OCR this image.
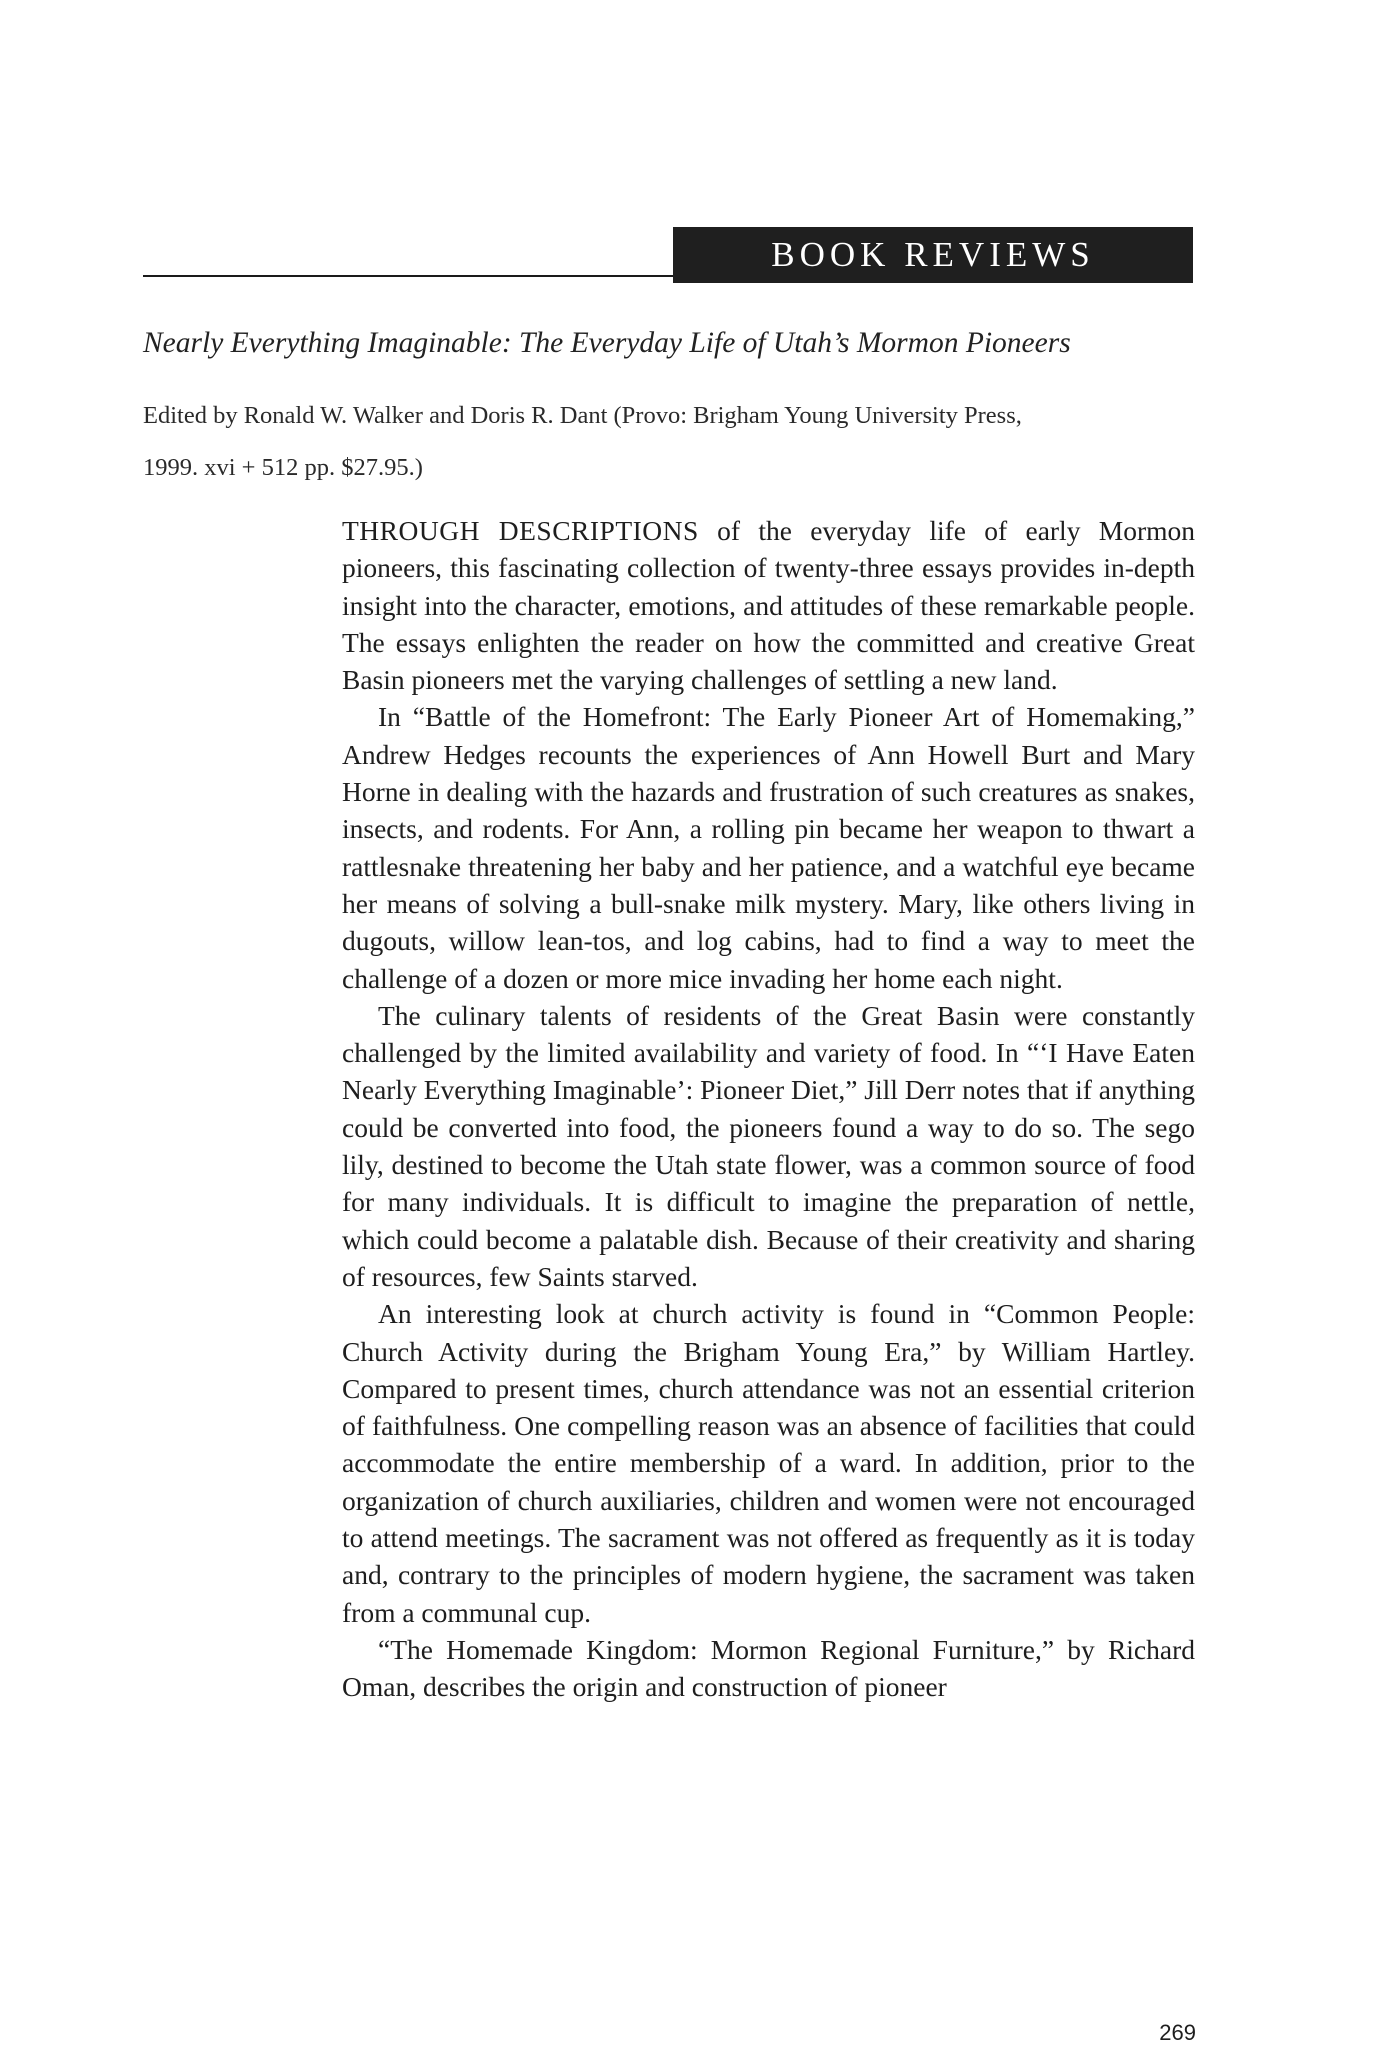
BOOK REVIEWS
Nearly Everything Imaginable: The Everyday Life of Utah’s Mormon Pioneers
Edited by Ronald W. Walker and Doris R. Dant (Provo: Brigham Young University Press,
1999. xvi + 512 pp. $27.95.)

THROUGH DESCRIPTIONS of the everyday life of early Mormon pioneers, this fascinating collection of twenty-three essays provides in-depth insight into the character, emotions, and attitudes of these remarkable people. The essays enlighten the reader on how the committed and creative Great Basin pioneers met the varying challenges of settling a new land.

In “Battle of the Homefront: The Early Pioneer Art of Homemaking,” Andrew Hedges recounts the experiences of Ann Howell Burt and Mary Horne in dealing with the hazards and frustration of such creatures as snakes, insects, and rodents. For Ann, a rolling pin became her weapon to thwart a rattlesnake threatening her baby and her patience, and a watchful eye became her means of solving a bull-snake milk mystery. Mary, like others living in dugouts, willow lean-tos, and log cabins, had to find a way to meet the challenge of a dozen or more mice invading her home each night.

The culinary talents of residents of the Great Basin were constantly challenged by the limited availability and variety of food. In “‘I Have Eaten Nearly Everything Imaginable’: Pioneer Diet,” Jill Derr notes that if anything could be converted into food, the pioneers found a way to do so. The sego lily, destined to become the Utah state flower, was a common source of food for many individuals. It is difficult to imagine the preparation of nettle, which could become a palatable dish. Because of their creativity and sharing of resources, few Saints starved.

An interesting look at church activity is found in “Common People: Church Activity during the Brigham Young Era,” by William Hartley. Compared to present times, church attendance was not an essential criterion of faithfulness. One compelling reason was an absence of facilities that could accommodate the entire membership of a ward. In addition, prior to the organization of church auxiliaries, children and women were not encouraged to attend meetings. The sacrament was not offered as frequently as it is today and, contrary to the principles of modern hygiene, the sacrament was taken from a communal cup.

“The Homemade Kingdom: Mormon Regional Furniture,” by Richard Oman, describes the origin and construction of pioneer

269
